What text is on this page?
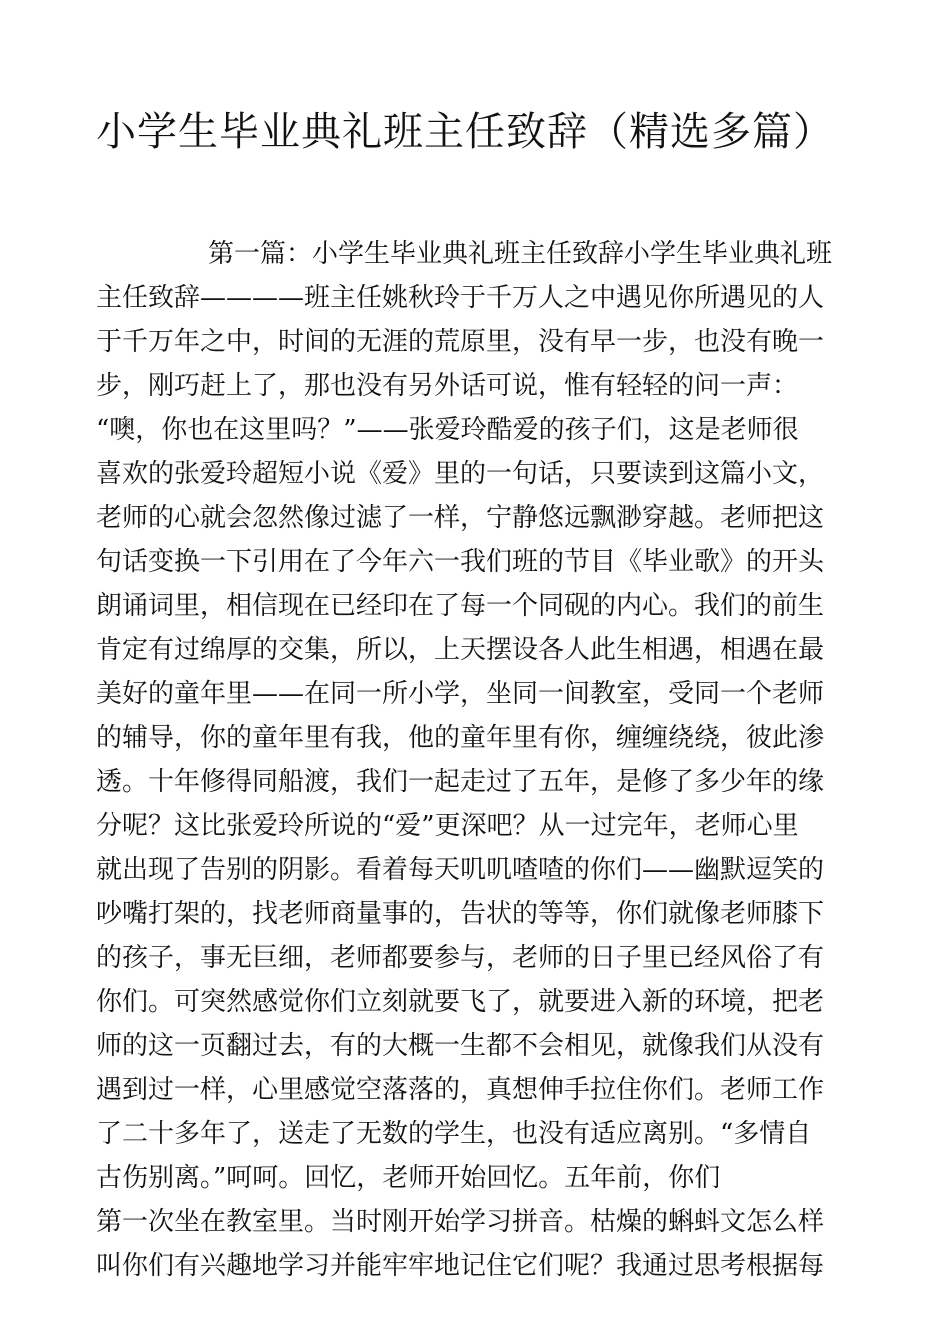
小学生毕业典礼班主任致辞（精选多篇）
第一篇：小学生毕业典礼班主任致辞小学生毕业典礼班
主任致辞————班主任姚秋玲于千万人之中遇见你所遇见的人
于千万年之中，时间的无涯的荒原里，没有早一步，也没有晚一
步，刚巧赶上了，那也没有另外话可说，惟有轻轻的问一声：
“噢，你也在这里吗？”——张爱玲酷爱的孩子们，这是老师很
喜欢的张爱玲超短小说《爱》里的一句话，只要读到这篇小文，
老师的心就会忽然像过滤了一样，宁静悠远飘渺穿越。老师把这
句话变换一下引用在了今年六一我们班的节目《毕业歌》的开头
朗诵词里，相信现在已经印在了每一个同砚的内心。我们的前生
肯定有过绵厚的交集，所以，上天摆设各人此生相遇，相遇在最
美好的童年里——在同一所小学，坐同一间教室，受同一个老师
的辅导，你的童年里有我，他的童年里有你，缠缠绕绕，彼此渗
透。十年修得同船渡，我们一起走过了五年，是修了多少年的缘
分呢？这比张爱玲所说的“爱”更深吧？从一过完年，老师心里
就出现了告别的阴影。看着每天叽叽喳喳的你们——幽默逗笑的
吵嘴打架的，找老师商量事的，告状的等等，你们就像老师膝下
的孩子，事无巨细，老师都要参与，老师的日子里已经风俗了有
你们。可突然感觉你们立刻就要飞了，就要进入新的环境，把老
师的这一页翻过去，有的大概一生都不会相见，就像我们从没有
遇到过一样，心里感觉空落落的，真想伸手拉住你们。老师工作
了二十多年了，送走了无数的学生，也没有适应离别。“多情自
古伤别离。”呵呵。回忆，老师开始回忆。五年前，你们
第一次坐在教室里。当时刚开始学习拼音。枯燥的蝌蚪文怎么样
叫你们有兴趣地学习并能牢牢地记住它们呢？我通过思考根据每
